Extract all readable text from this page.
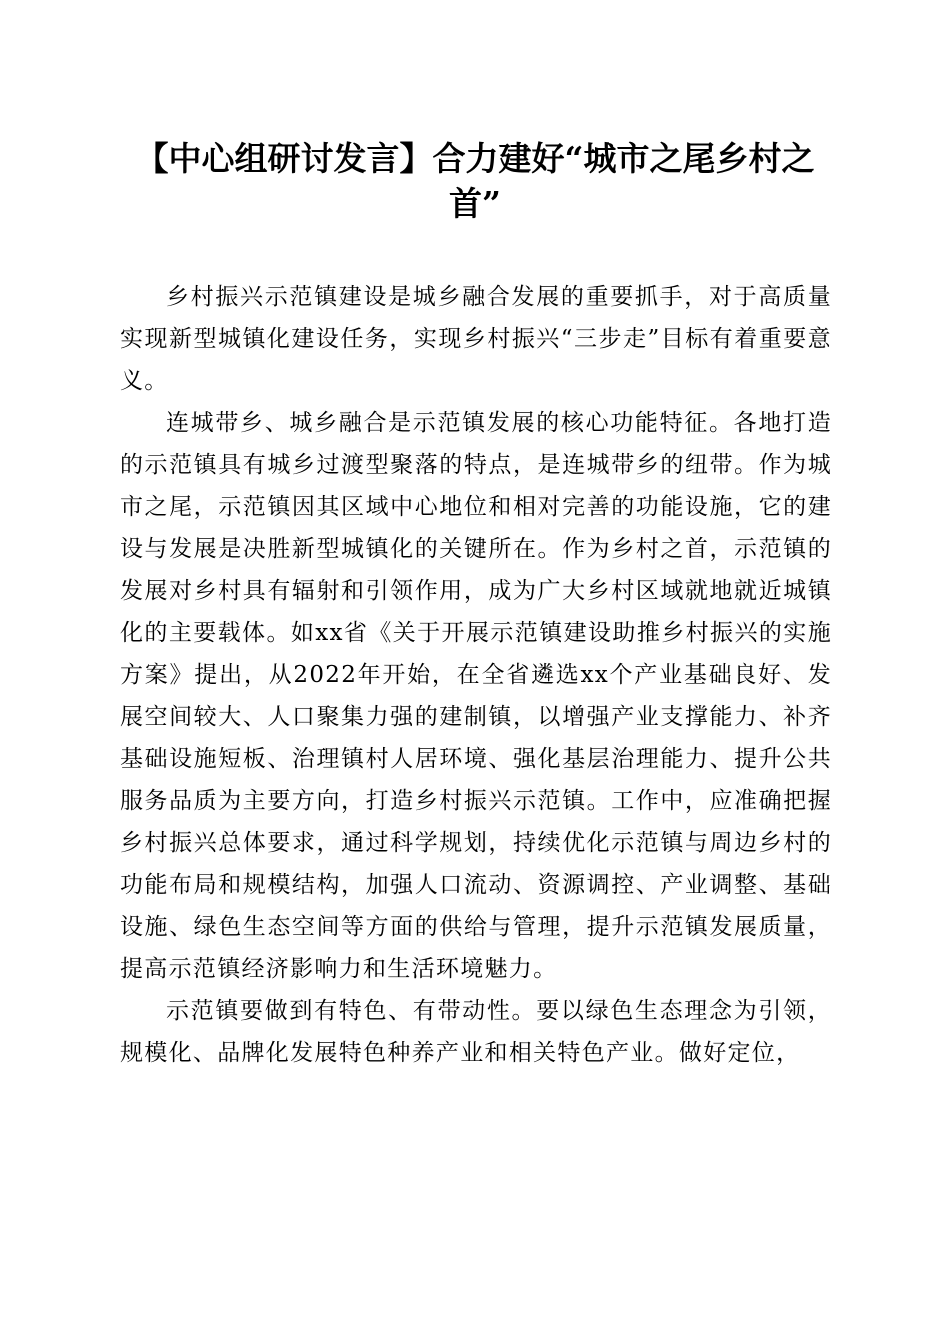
【中心组研讨发言】合力建好“城市之尾乡村之首”

乡村振兴示范镇建设是城乡融合发展的重要抓手，对于高质量实现新型城镇化建设任务，实现乡村振兴“三步走”目标有着重要意义。

连城带乡、城乡融合是示范镇发展的核心功能特征。各地打造的示范镇具有城乡过渡型聚落的特点，是连城带乡的纽带。作为城市之尾，示范镇因其区域中心地位和相对完善的功能设施，它的建设与发展是决胜新型城镇化的关键所在。作为乡村之首，示范镇的发展对乡村具有辐射和引领作用，成为广大乡村区域就地就近城镇化的主要载体。如xx省《关于开展示范镇建设助推乡村振兴的实施方案》提出，从2022年开始，在全省遴选xx个产业基础良好、发展空间较大、人口聚集力强的建制镇，以增强产业支撑能力、补齐基础设施短板、治理镇村人居环境、强化基层治理能力、提升公共服务品质为主要方向，打造乡村振兴示范镇。工作中，应准确把握乡村振兴总体要求，通过科学规划，持续优化示范镇与周边乡村的功能布局和规模结构，加强人口流动、资源调控、产业调整、基础设施、绿色生态空间等方面的供给与管理，提升示范镇发展质量，提高示范镇经济影响力和生活环境魅力。

示范镇要做到有特色、有带动性。要以绿色生态理念为引领，规模化、品牌化发展特色种养产业和相关特色产业。做好定位，
